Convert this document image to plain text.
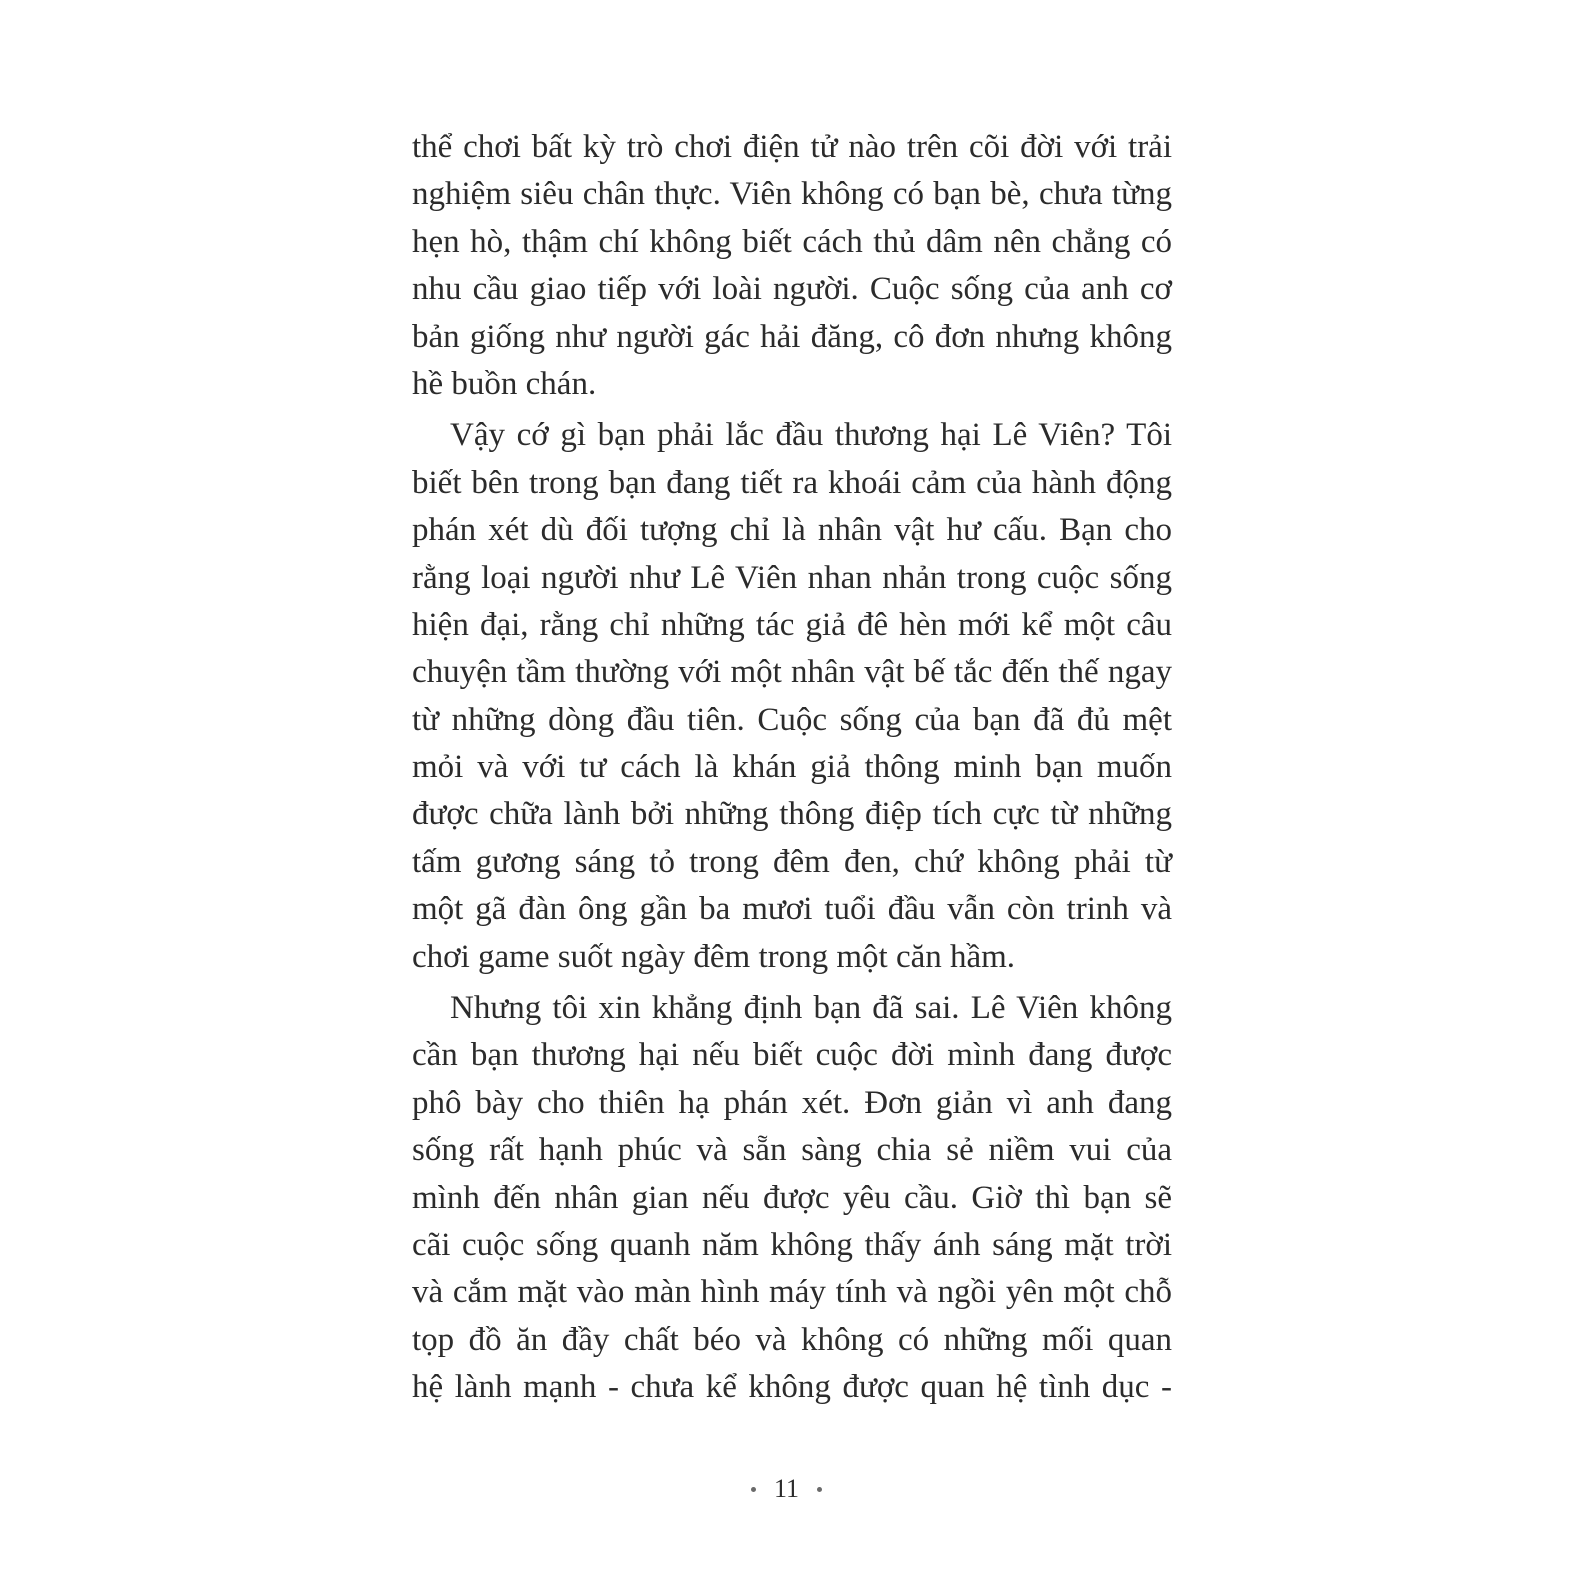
thể chơi bất kỳ trò chơi điện tử nào trên cõi đời với trải
nghiệm siêu chân thực. Viên không có bạn bè, chưa từng
hẹn hò, thậm chí không biết cách thủ dâm nên chẳng có
nhu cầu giao tiếp với loài người. Cuộc sống của anh cơ
bản giống như người gác hải đăng, cô đơn nhưng không
hề buồn chán.
Vậy cớ gì bạn phải lắc đầu thương hại Lê Viên? Tôi
biết bên trong bạn đang tiết ra khoái cảm của hành động
phán xét dù đối tượng chỉ là nhân vật hư cấu. Bạn cho
rằng loại người như Lê Viên nhan nhản trong cuộc sống
hiện đại, rằng chỉ những tác giả đê hèn mới kể một câu
chuyện tầm thường với một nhân vật bế tắc đến thế ngay
từ những dòng đầu tiên. Cuộc sống của bạn đã đủ mệt
mỏi và với tư cách là khán giả thông minh bạn muốn
được chữa lành bởi những thông điệp tích cực từ những
tấm gương sáng tỏ trong đêm đen, chứ không phải từ
một gã đàn ông gần ba mươi tuổi đầu vẫn còn trinh và
chơi game suốt ngày đêm trong một căn hầm.
Nhưng tôi xin khẳng định bạn đã sai. Lê Viên không
cần bạn thương hại nếu biết cuộc đời mình đang được
phô bày cho thiên hạ phán xét. Đơn giản vì anh đang
sống rất hạnh phúc và sẵn sàng chia sẻ niềm vui của
mình đến nhân gian nếu được yêu cầu. Giờ thì bạn sẽ
cãi cuộc sống quanh năm không thấy ánh sáng mặt trời
và cắm mặt vào màn hình máy tính và ngồi yên một chỗ
tọp đồ ăn đầy chất béo và không có những mối quan
hệ lành mạnh - chưa kể không được quan hệ tình dục -
11
